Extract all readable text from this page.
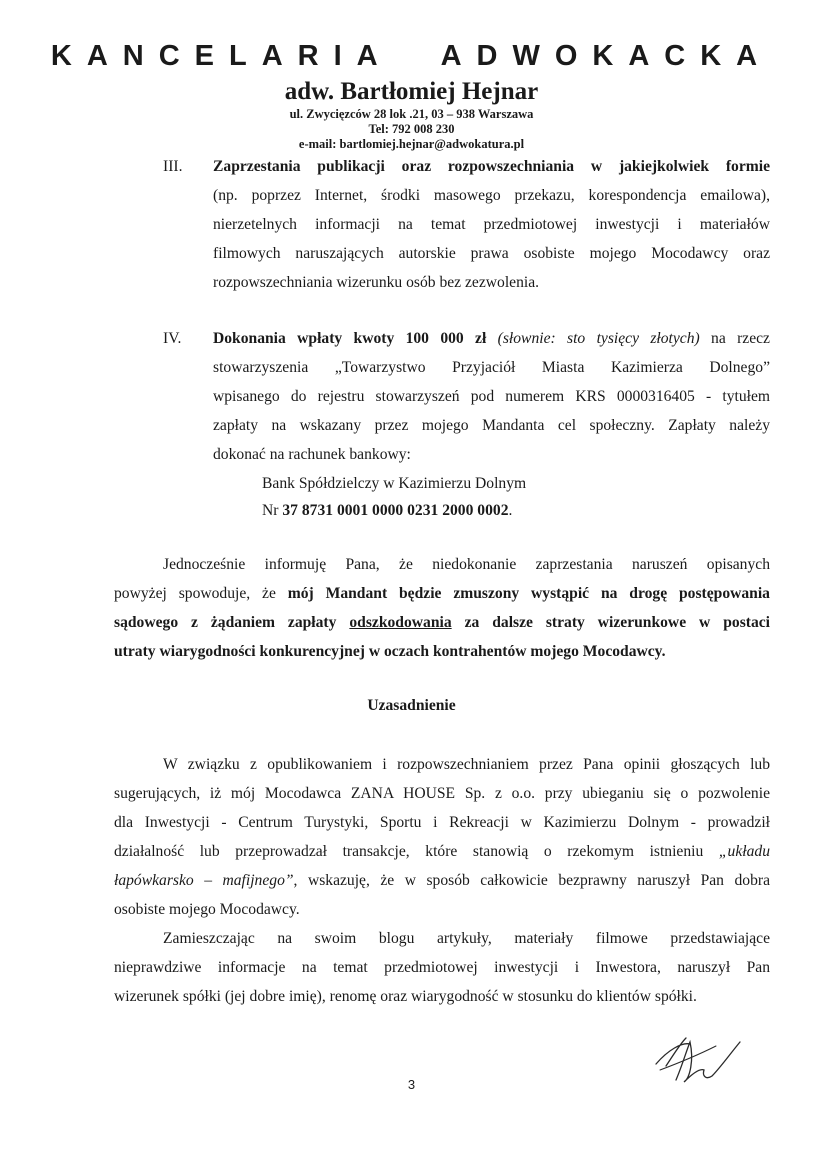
KANCELARIA ADWOKACKA
adw. Bartłomiej Hejnar
ul. Zwycięzców 28 lok .21, 03 – 938 Warszawa
Tel: 792 008 230
e-mail: bartlomiej.hejnar@adwokatura.pl
III. Zaprzestania publikacji oraz rozpowszechniania w jakiejkolwiek formie
(np. poprzez Internet, środki masowego przekazu, korespondencja emailowa),
nierzetelnych informacji na temat przedmiotowej inwestycji i materiałów
filmowych naruszających autorskie prawa osobiste mojego Mocodawcy oraz
rozpowszechniania wizerunku osób bez zezwolenia.
IV. Dokonania wpłaty kwoty 100 000 zł (słownie: sto tysięcy złotych) na rzecz
stowarzyszenia „Towarzystwo Przyjaciół Miasta Kazimierza Dolnego”
wpisanego do rejestru stowarzyszeń pod numerem KRS 0000316405 - tytułem
zapłaty na wskazany przez mojego Mandanta cel społeczny. Zapłaty należy
dokonać na rachunek bankowy:
Bank Spółdzielczy w Kazimierzu Dolnym
Nr 37 8731 0001 0000 0231 2000 0002.
Jednocześnie informuję Pana, że niedokonanie zaprzestania naruszeń opisanych
powyżej spowoduje, że mój Mandant będzie zmuszony wystąpić na drogę postępowania
sądowego z żądaniem zapłaty odszkodowania za dalsze straty wizerunkowe w postaci
utraty wiarygodności konkurencyjnej w oczach kontrahentów mojego Mocodawcy.
Uzasadnienie
W związku z opublikowaniem i rozpowszechnianiem przez Pana opinii głoszących lub
sugerujących, iż mój Mocodawca ZANA HOUSE Sp. z o.o. przy ubieganiu się o pozwolenie
dla Inwestycji - Centrum Turystyki, Sportu i Rekreacji w Kazimierzu Dolnym - prowadził
działalność lub przeprowadzał transakcje, które stanowią o rzekomym istnieniu „układu
łapówkarsko – mafijnego”, wskazuję, że w sposób całkowicie bezprawny naruszył Pan dobra
osobiste mojego Mocodawcy.
Zamieszczając na swoim blogu artykuły, materiały filmowe przedstawiające
nieprawdziwe informacje na temat przedmiotowej inwestycji i Inwestora, naruszył Pan
wizerunek spółki (jej dobre imię), renomę oraz wiarygodność w stosunku do klientów spółki.
3
